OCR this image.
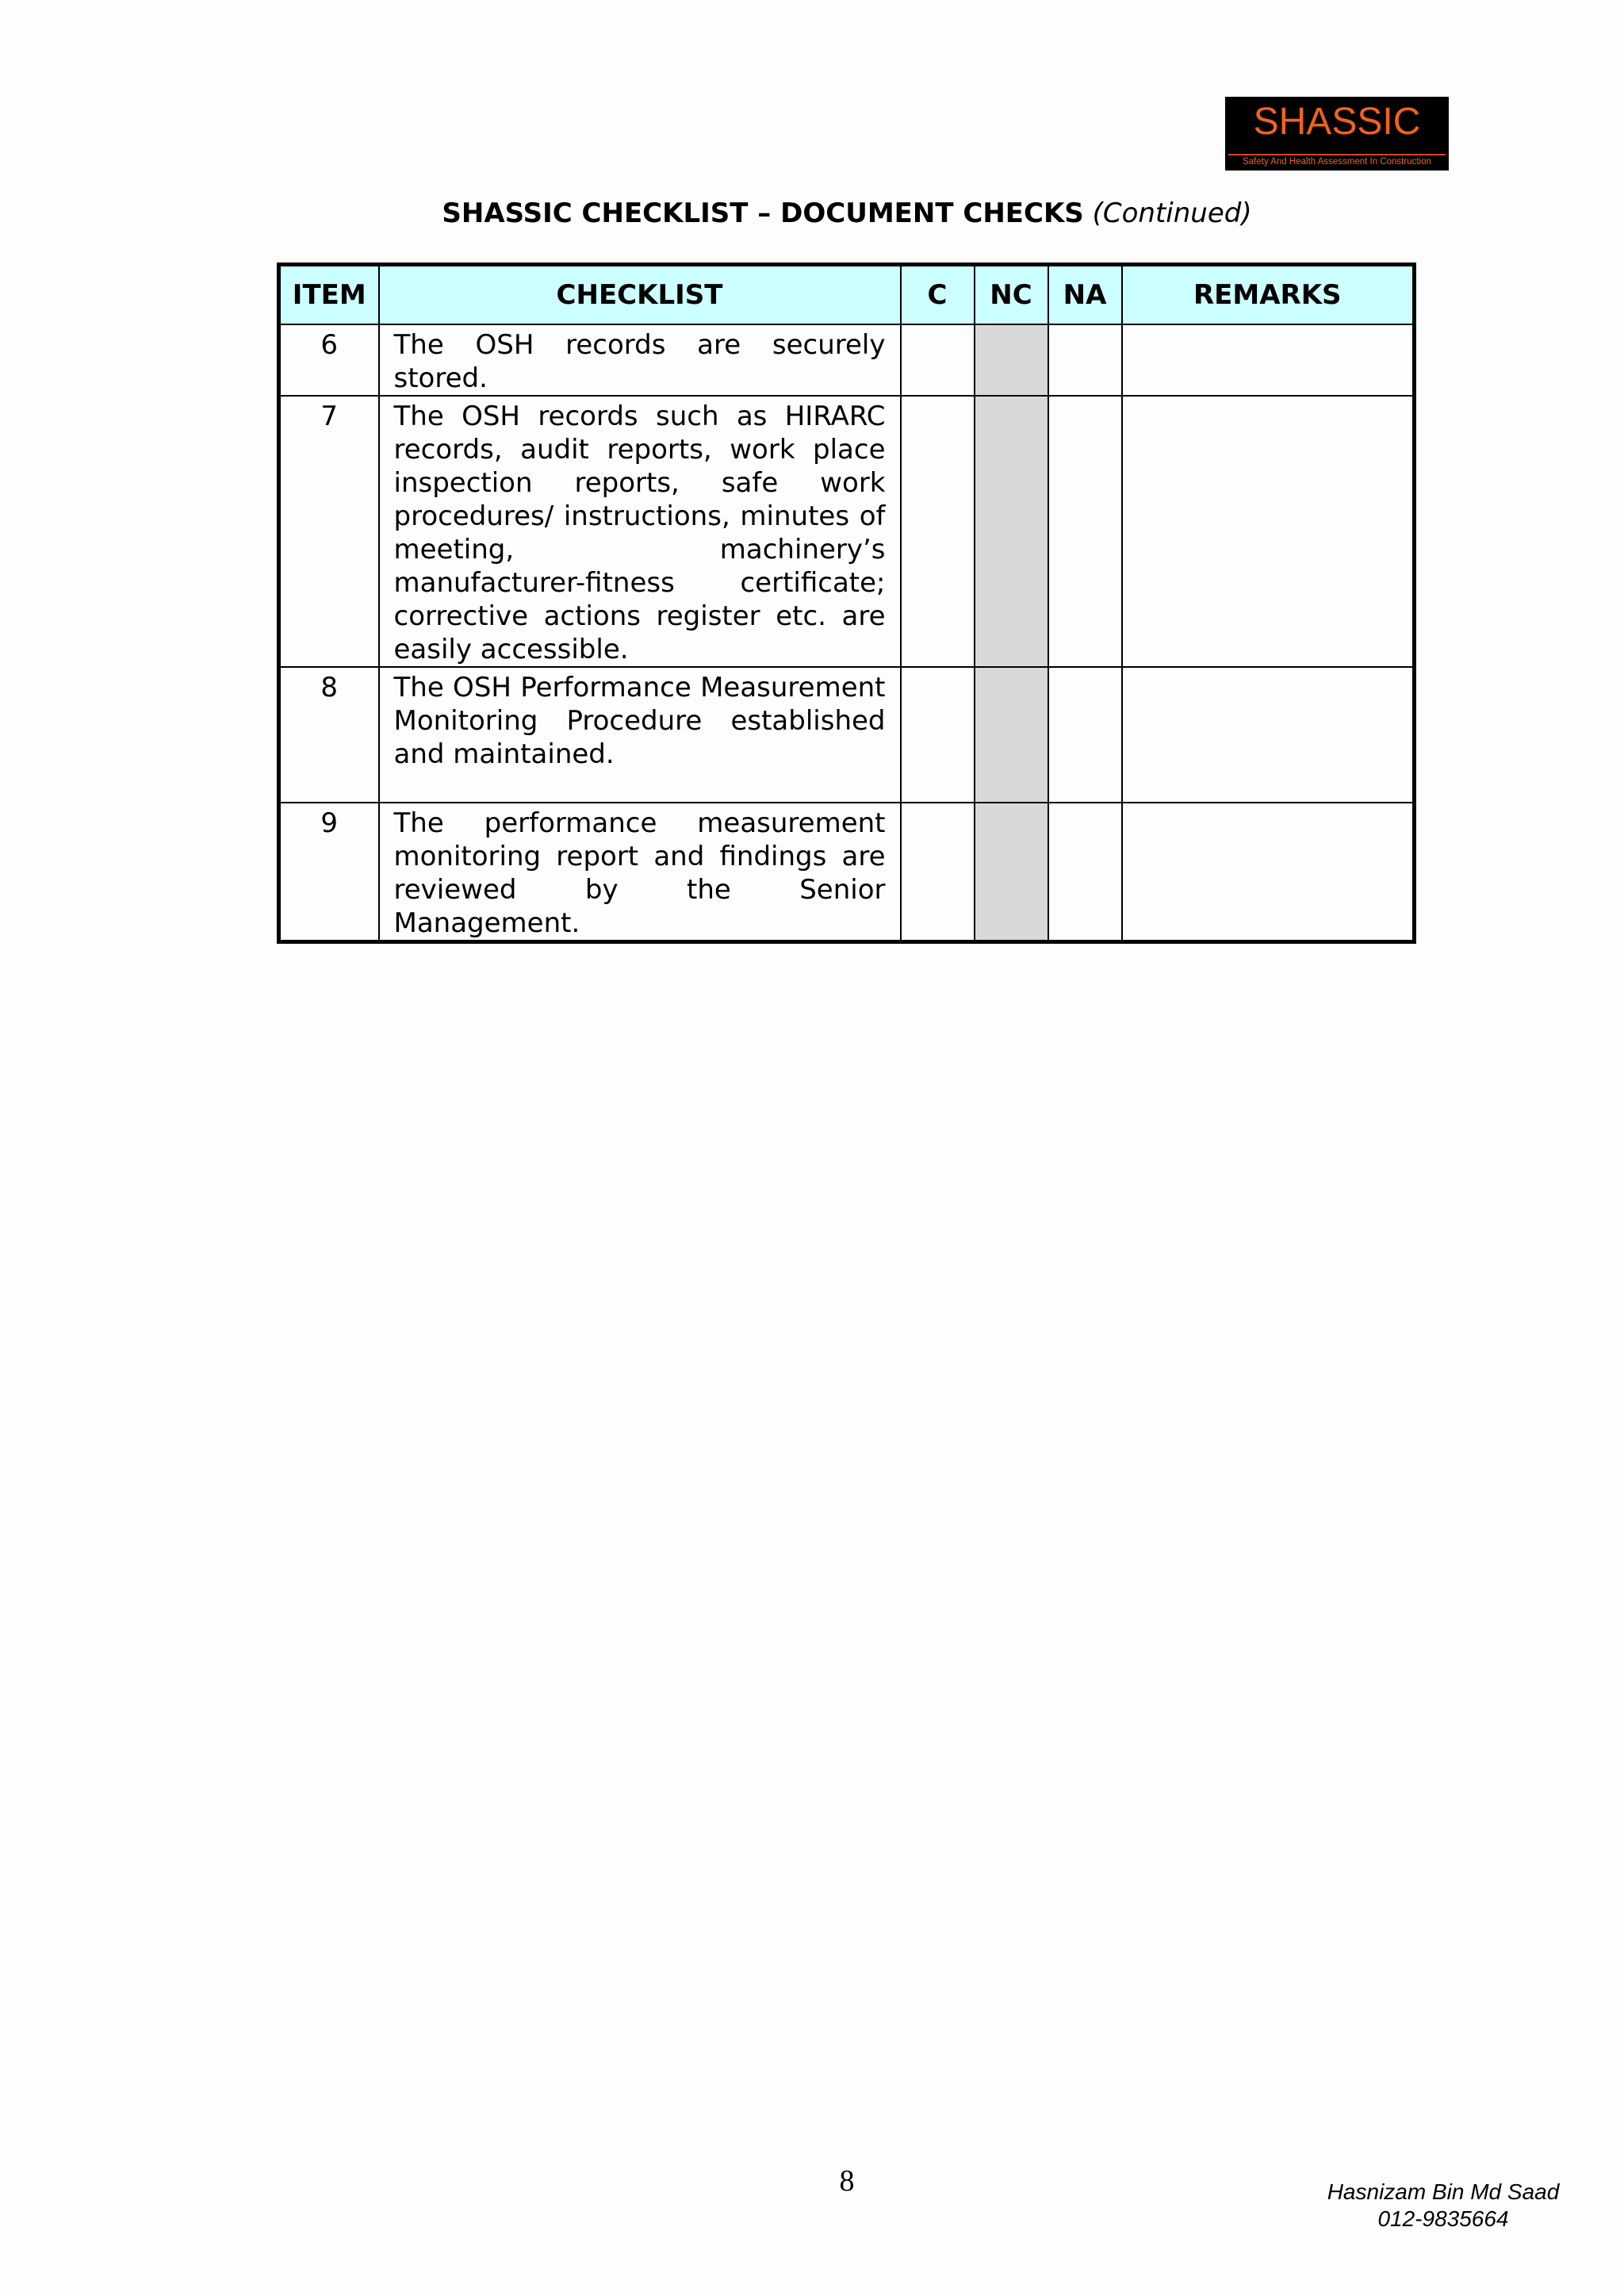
SHASSIC
Safety And Health Assessment In Construction
SHASSIC CHECKLIST – DOCUMENT CHECKS (Continued)
ITEM	CHECKLIST	C	NC	NA	REMARKS
6	The OSH records are securely stored.				
7	The OSH records such as HIRARC records, audit reports, work place inspection reports, safe work procedures/ instructions, minutes of meeting, machinery’s manufacturer-fitness certificate; corrective actions register etc. are easily accessible.				
8	The OSH Performance Measurement Monitoring Procedure established and maintained.				
9	The performance measurement monitoring report and findings are reviewed by the Senior Management.				
8	Hasnizam Bin Md Saad
012-9835664
